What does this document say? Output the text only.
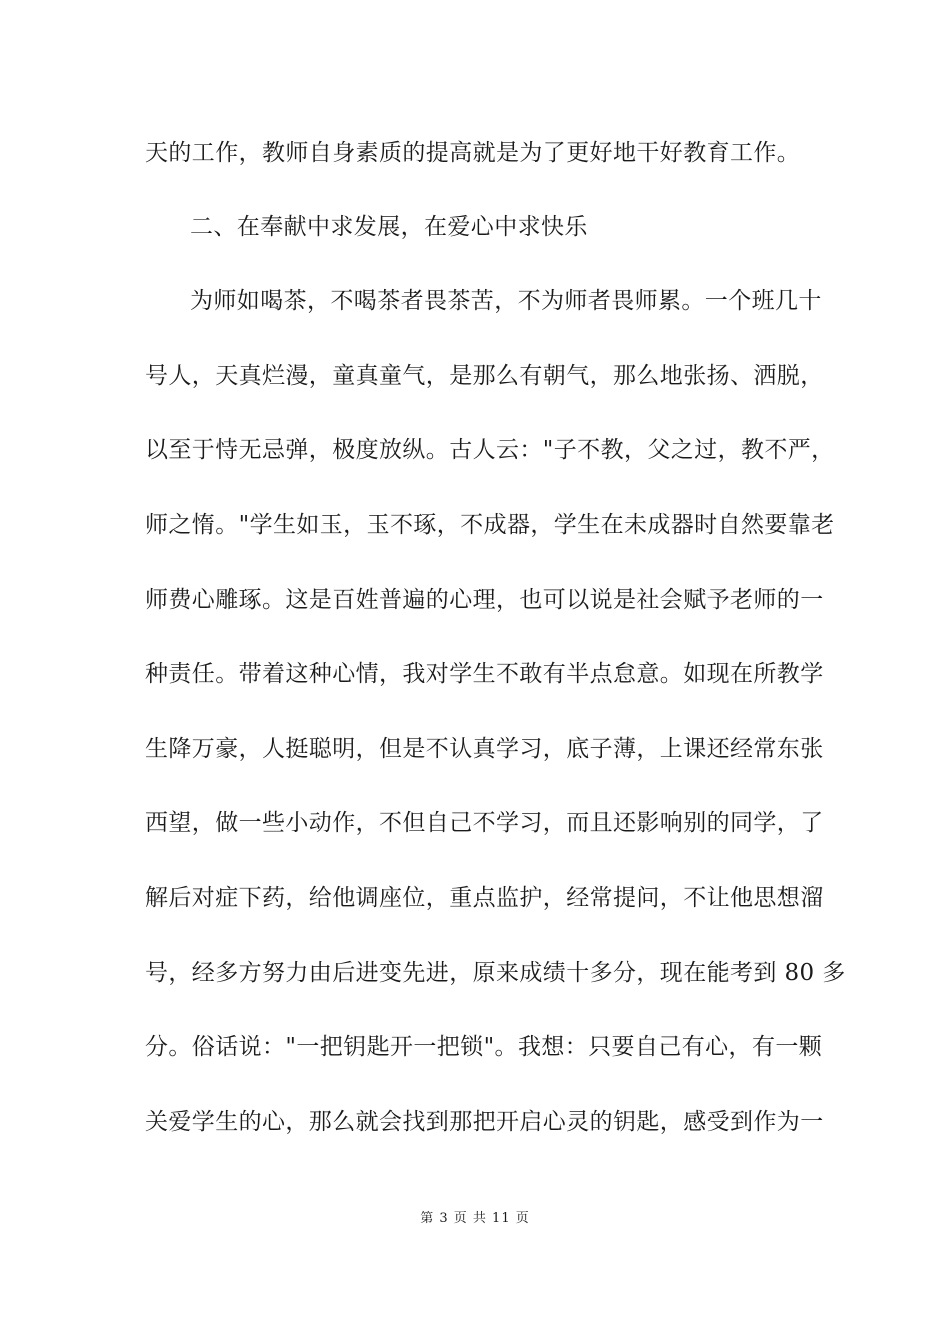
天的工作，教师自身素质的提高就是为了更好地干好教育工作。
二、在奉献中求发展，在爱心中求快乐
为师如喝茶，不喝茶者畏茶苦，不为师者畏师累。一个班几十
号人，天真烂漫，童真童气，是那么有朝气，那么地张扬、洒脱，
以至于恃无忌弹，极度放纵。古人云："子不教，父之过，教不严，
师之惰。"学生如玉，玉不琢，不成器，学生在未成器时自然要靠老
师费心雕琢。这是百姓普遍的心理，也可以说是社会赋予老师的一
种责任。带着这种心情，我对学生不敢有半点怠意。如现在所教学
生降万豪，人挺聪明，但是不认真学习，底子薄，上课还经常东张
西望，做一些小动作，不但自己不学习，而且还影响别的同学，了
解后对症下药，给他调座位，重点监护，经常提问，不让他思想溜
号，经多方努力由后进变先进，原来成绩十多分，现在能考到 80 多
分。俗话说："一把钥匙开一把锁"。我想：只要自己有心，有一颗
关爱学生的心，那么就会找到那把开启心灵的钥匙，感受到作为一
第 3 页 共 11 页
